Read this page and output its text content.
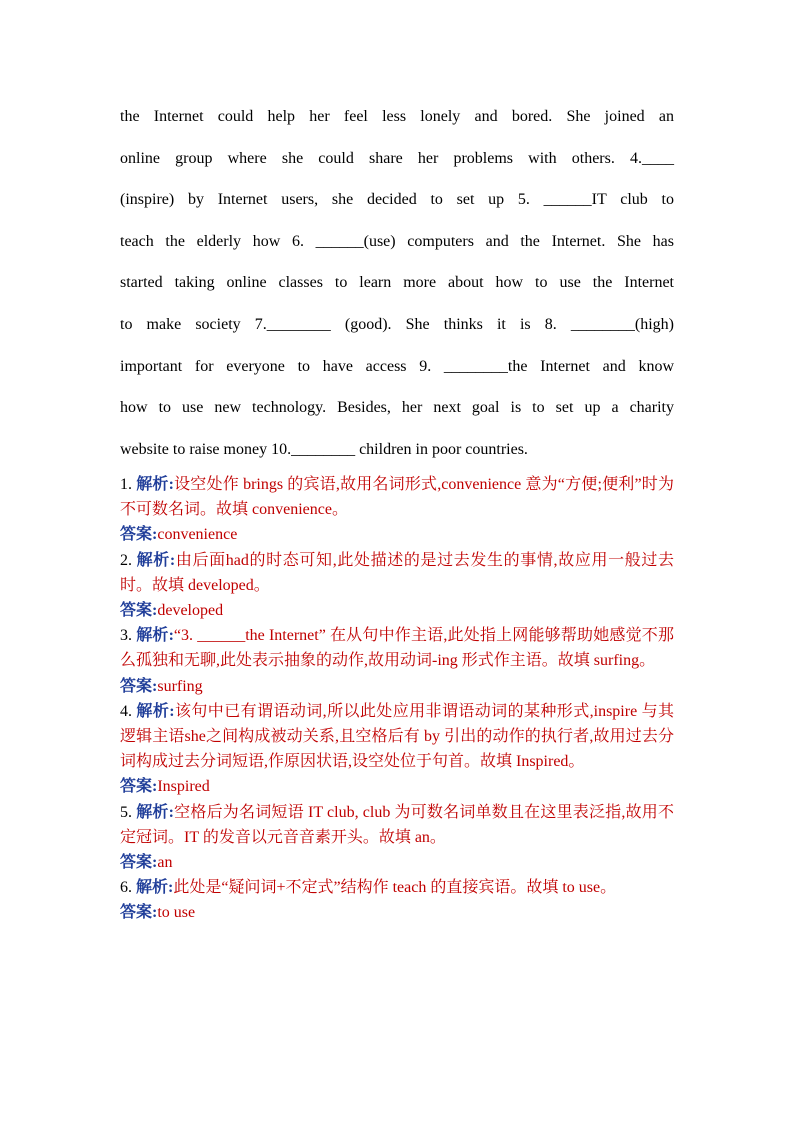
the Internet could help her feel less lonely and bored. She joined an
online group where she could share her problems with others. 4.____
(inspire) by Internet users, she decided to set up 5. ______IT club to
teach the elderly how 6. ______(use) computers and the Internet. She has
started taking online classes to learn more about how to use the Internet
to make society 7.________ (good). She thinks it is 8. ________(high)
important for everyone to have access 9. ________the Internet and know
how to use new technology. Besides, her next goal is to set up a charity
website to raise money 10.________ children in poor countries.
1. 解析:设空处作 brings 的宾语,故用名词形式,convenience 意为“方便;便利”时为不可数名词。故填 convenience。
答案:convenience
2. 解析:由后面had的时态可知,此处描述的是过去发生的事情,故应用一般过去时。故填 developed。
答案:developed
3. 解析:“3. ______the Internet” 在从句中作主语,此处指上网能够帮助她感觉不那么孤独和无聊,此处表示抽象的动作,故用动词-ing 形式作主语。故填 surfing。
答案:surfing
4. 解析:该句中已有谓语动词,所以此处应用非谓语动词的某种形式,inspire 与其逻辑主语she之间构成被动关系,且空格后有 by 引出的动作的执行者,故用过去分词构成过去分词短语,作原因状语,设空处位于句首。故填 Inspired。
答案:Inspired
5. 解析:空格后为名词短语 IT club, club 为可数名词单数且在这里表泛指,故用不定冠词。IT 的发音以元音音素开头。故填 an。
答案:an
6. 解析:此处是“疑问词+不定式”结构作 teach 的直接宾语。故填 to use。
答案:to use
